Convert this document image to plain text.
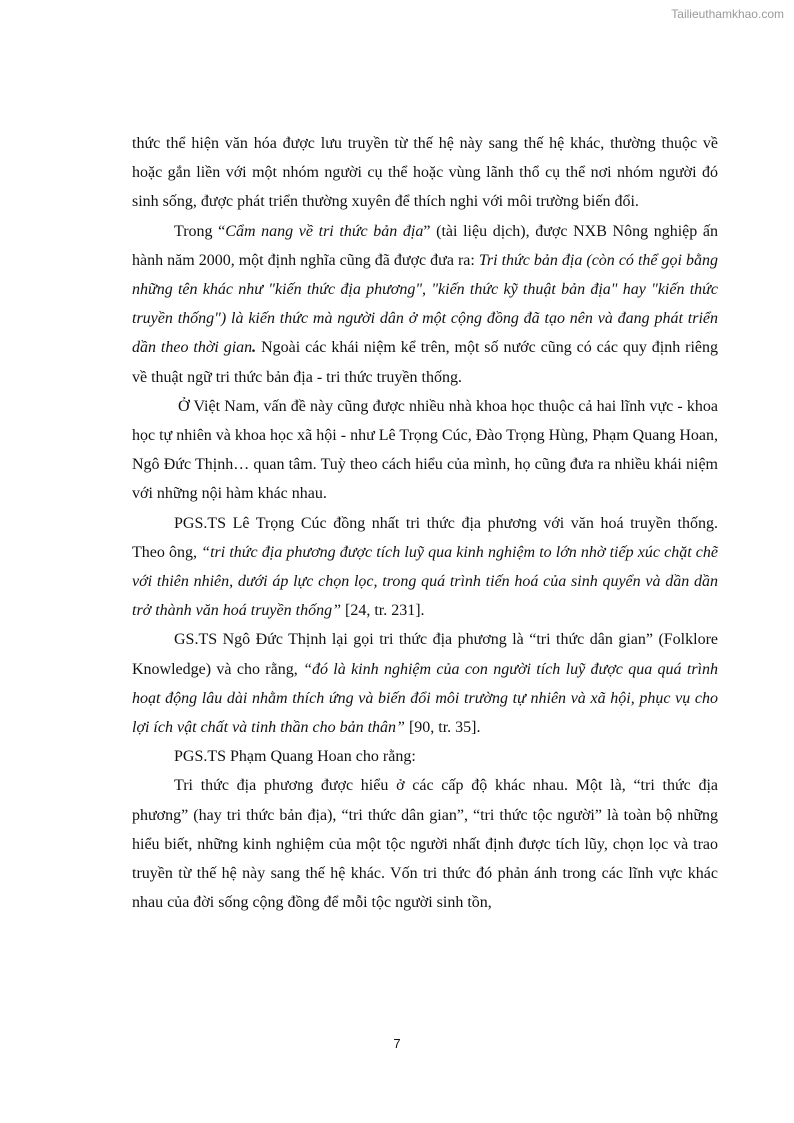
Tailieuthamkhao.com

thức thể hiện văn hóa được lưu truyền từ thế hệ này sang thế hệ khác, thường thuộc về hoặc gắn liền với một nhóm người cụ thể hoặc vùng lãnh thổ cụ thể nơi nhóm người đó sinh sống, được phát triển thường xuyên để thích nghi với môi trường biến đổi.

Trong “Cẩm nang về tri thức bản địa” (tài liệu dịch), được NXB Nông nghiệp ấn hành năm 2000, một định nghĩa cũng đã được đưa ra: Tri thức bản địa (còn có thể gọi bằng những tên khác như "kiến thức địa phương", "kiến thức kỹ thuật bản địa" hay "kiến thức truyền thống") là kiến thức mà người dân ở một cộng đồng đã tạo nên và đang phát triển dần theo thời gian. Ngoài các khái niệm kể trên, một số nước cũng có các quy định riêng về thuật ngữ tri thức bản địa - tri thức truyền thống.

Ở Việt Nam, vấn đề này cũng được nhiều nhà khoa học thuộc cả hai lĩnh vực - khoa học tự nhiên và khoa học xã hội - như Lê Trọng Cúc, Đào Trọng Hùng, Phạm Quang Hoan, Ngô Đức Thịnh… quan tâm. Tuỳ theo cách hiểu của mình, họ cũng đưa ra nhiều khái niệm với những nội hàm khác nhau.

PGS.TS Lê Trọng Cúc đồng nhất tri thức địa phương với văn hoá truyền thống. Theo ông, “tri thức địa phương được tích luỹ qua kinh nghiệm to lớn nhờ tiếp xúc chặt chẽ với thiên nhiên, dưới áp lực chọn lọc, trong quá trình tiến hoá của sinh quyển và dần dần trở thành văn hoá truyền thống” [24, tr. 231].

GS.TS Ngô Đức Thịnh lại gọi tri thức địa phương là “tri thức dân gian” (Folklore Knowledge) và cho rằng, “đó là kinh nghiệm của con người tích luỹ được qua quá trình hoạt động lâu dài nhằm thích ứng và biến đổi môi trường tự nhiên và xã hội, phục vụ cho lợi ích vật chất và tinh thần cho bản thân” [90, tr. 35].

PGS.TS Phạm Quang Hoan cho rằng:

Tri thức địa phương được hiểu ở các cấp độ khác nhau. Một là, “tri thức địa phương” (hay tri thức bản địa), “tri thức dân gian”, “tri thức tộc người” là toàn bộ những hiểu biết, những kinh nghiệm của một tộc người nhất định được tích lũy, chọn lọc và trao truyền từ thế hệ này sang thế hệ khác. Vốn tri thức đó phản ánh trong các lĩnh vực khác nhau của đời sống cộng đồng để mỗi tộc người sinh tồn,

7
